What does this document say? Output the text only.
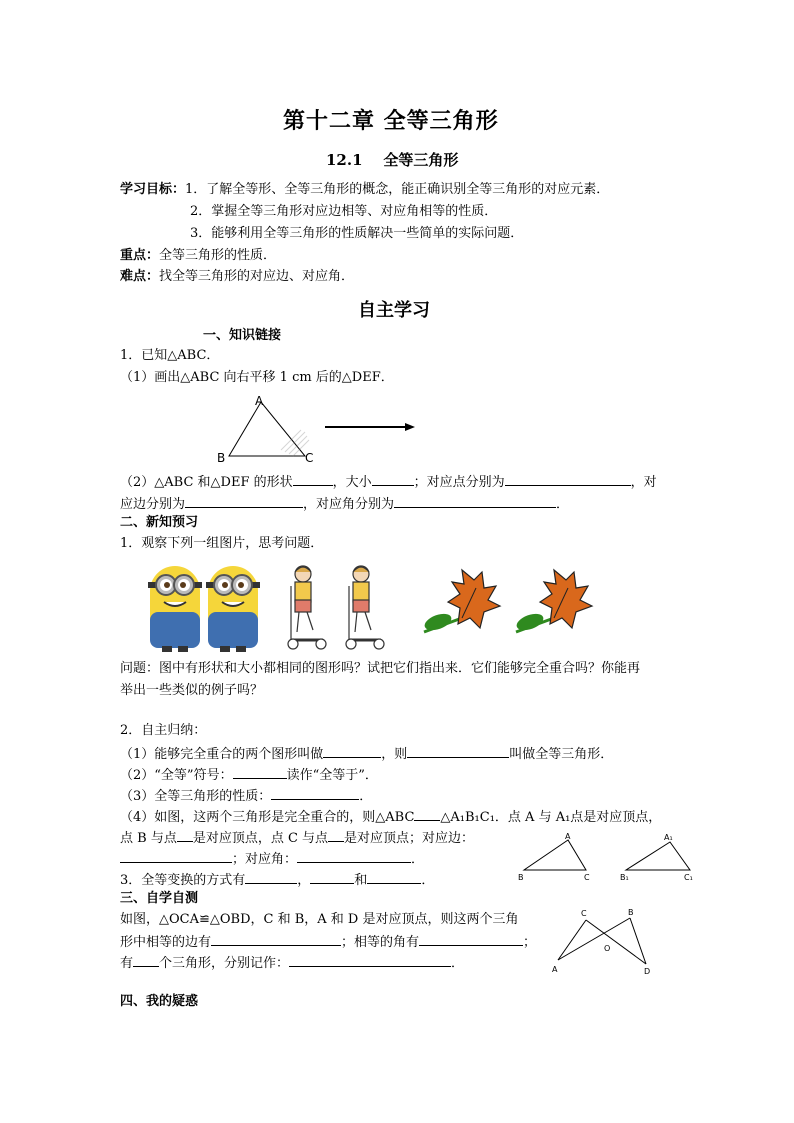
第十二章 全等三角形
12.1    全等三角形
学习目标：1．了解全等形、全等三角形的概念，能正确识别全等三角形的对应元素．
2．掌握全等三角形对应边相等、对应角相等的性质．
3．能够利用全等三角形的性质解决一些简单的实际问题．
重点：全等三角形的性质．
难点：找全等三角形的对应边、对应角．
自主学习
一、知识链接
1．已知△ABC．
（1）画出△ABC 向右平移 1 cm 后的△DEF．
A
B	C
（2）△ABC 和△DEF 的形状	，大小	；对应点分别为	，对
应边分别为	，对应角分别为	．
二、新知预习
1．观察下列一组图片，思考问题．
问题：图中有形状和大小都相同的图形吗？试把它们指出来．它们能够完全重合吗？你能再
举出一些类似的例子吗？
2．自主归纳：
（1）能够完全重合的两个图形叫做	，则	叫做全等三角形．
（2）“全等”符号：	读作“全等于”．
（3）全等三角形的性质：	．
（4）如图，这两个三角形是完全重合的，则△ABC △A₁B₁C₁．点 A 与 A₁点是对应顶点，
点 B 与点 是对应顶点，点 C 与点 是对应顶点；对应边：
；对应角：	．
A
B	C
A₁
B₁	C₁
3．全等变换的方式有	，	和	．
三、自学自测
如图，△OCA≌△OBD，C 和 B，A 和 D 是对应顶点，则这两个三角
形中相等的边有	；相等的角有	；
有 个三角形，分别记作：	．
C	B
O
A	D
四、我的疑惑
